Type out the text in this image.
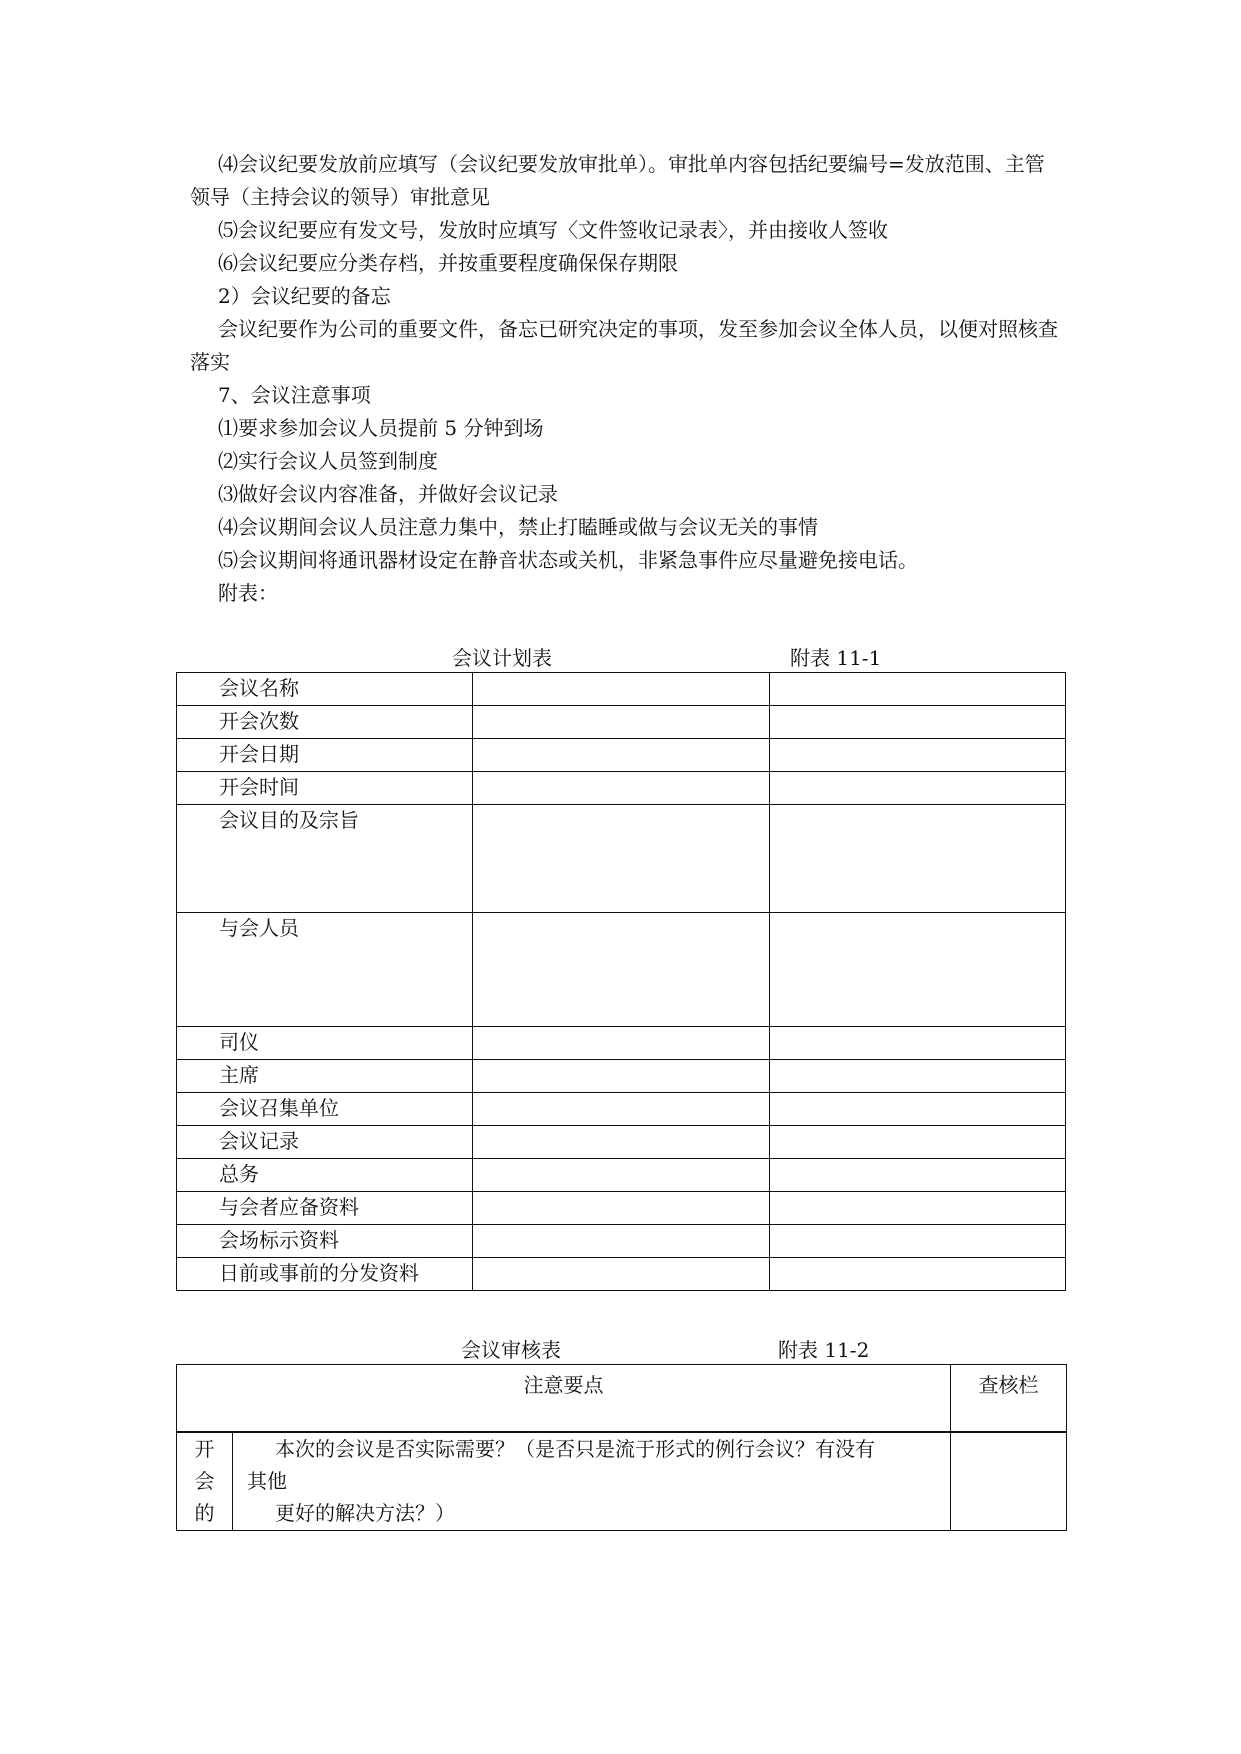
⑷会议纪要发放前应填写（会议纪要发放审批单）。审批单内容包括纪要编号=发放范围、主管领导（主持会议的领导）审批意见
⑸会议纪要应有发文号，发放时应填写〈文件签收记录表〉，并由接收人签收
⑹会议纪要应分类存档，并按重要程度确保保存期限
2）会议纪要的备忘
会议纪要作为公司的重要文件，备忘已研究决定的事项，发至参加会议全体人员，以便对照核查落实
7、会议注意事项
⑴要求参加会议人员提前 5 分钟到场
⑵实行会议人员签到制度
⑶做好会议内容准备，并做好会议记录
⑷会议期间会议人员注意力集中，禁止打瞌睡或做与会议无关的事情
⑸会议期间将通讯器材设定在静音状态或关机，非紧急事件应尽量避免接电话。
附表：
会议计划表	附表 11-1
会议名称		
开会次数		
开会日期		
开会时间		
会议目的及宗旨		
与会人员		
司仪		
主席		
会议召集单位		
会议记录		
总务		
与会者应备资料		
会场标示资料		
日前或事前的分发资料		
会议审核表	附表 11-2
注意要点		查核栏

开会的	本次的会议是否实际需要？（是否只是流于形式的例行会议？有没有
其他
更好的解决方法？）	
